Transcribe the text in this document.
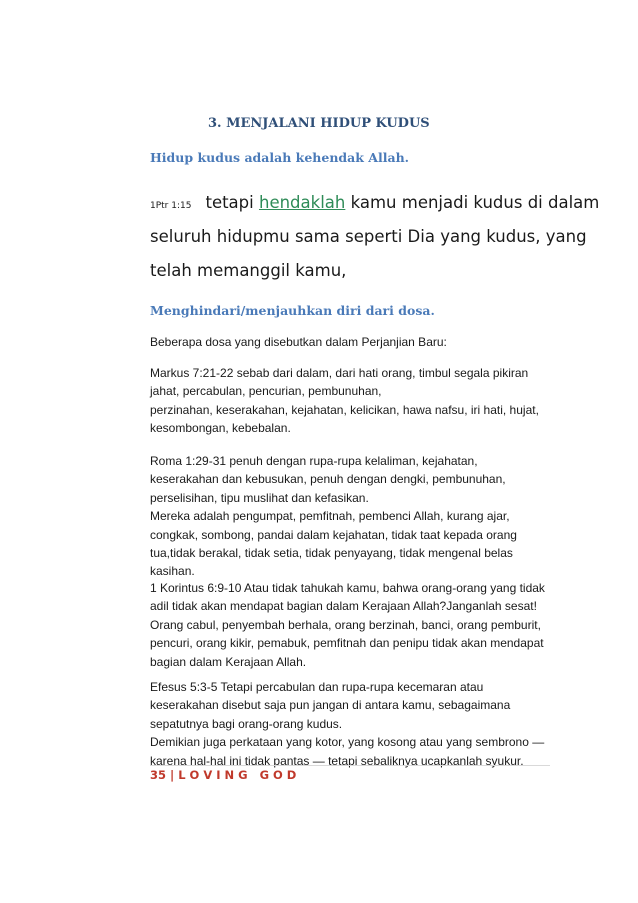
3. MENJALANI HIDUP KUDUS
Hidup kudus adalah kehendak Allah.
1Ptr 1:15 tetapi hendaklah kamu menjadi kudus di dalam
seluruh hidupmu sama seperti Dia yang kudus, yang
telah memanggil kamu,
Menghindari/menjauhkan diri dari dosa.

Beberapa dosa yang disebutkan dalam Perjanjian Baru:

Markus 7:21-22 sebab dari dalam, dari hati orang, timbul segala pikiran

jahat, percabulan, pencurian, pembunuhan,

perzinahan, keserakahan, kejahatan, kelicikan, hawa nafsu, iri hati, hujat,

kesombongan, kebebalan.

Roma 1:29-31 penuh dengan rupa-rupa kelaliman, kejahatan,

keserakahan dan kebusukan, penuh dengan dengki, pembunuhan,

perselisihan, tipu muslihat dan kefasikan.

Mereka adalah pengumpat, pemfitnah, pembenci Allah, kurang ajar,

congkak, sombong, pandai dalam kejahatan, tidak taat kepada orang

tua,tidak berakal, tidak setia, tidak penyayang, tidak mengenal belas

kasihan.

1 Korintus 6:9-10 Atau tidak tahukah kamu, bahwa orang-orang yang tidak

adil tidak akan mendapat bagian dalam Kerajaan Allah?Janganlah sesat!

Orang cabul, penyembah berhala, orang berzinah, banci, orang pemburit,

pencuri, orang kikir, pemabuk, pemfitnah dan penipu tidak akan mendapat

bagian dalam Kerajaan Allah.

Efesus 5:3-5 Tetapi percabulan dan rupa-rupa kecemaran atau

keserakahan disebut saja pun jangan di antara kamu, sebagaimana

sepatutnya bagi orang-orang kudus.

Demikian juga perkataan yang kotor, yang kosong atau yang sembrono —

karena hal-hal ini tidak pantas — tetapi sebaliknya ucapkanlah syukur.

35 | L O V I N G   G O D
